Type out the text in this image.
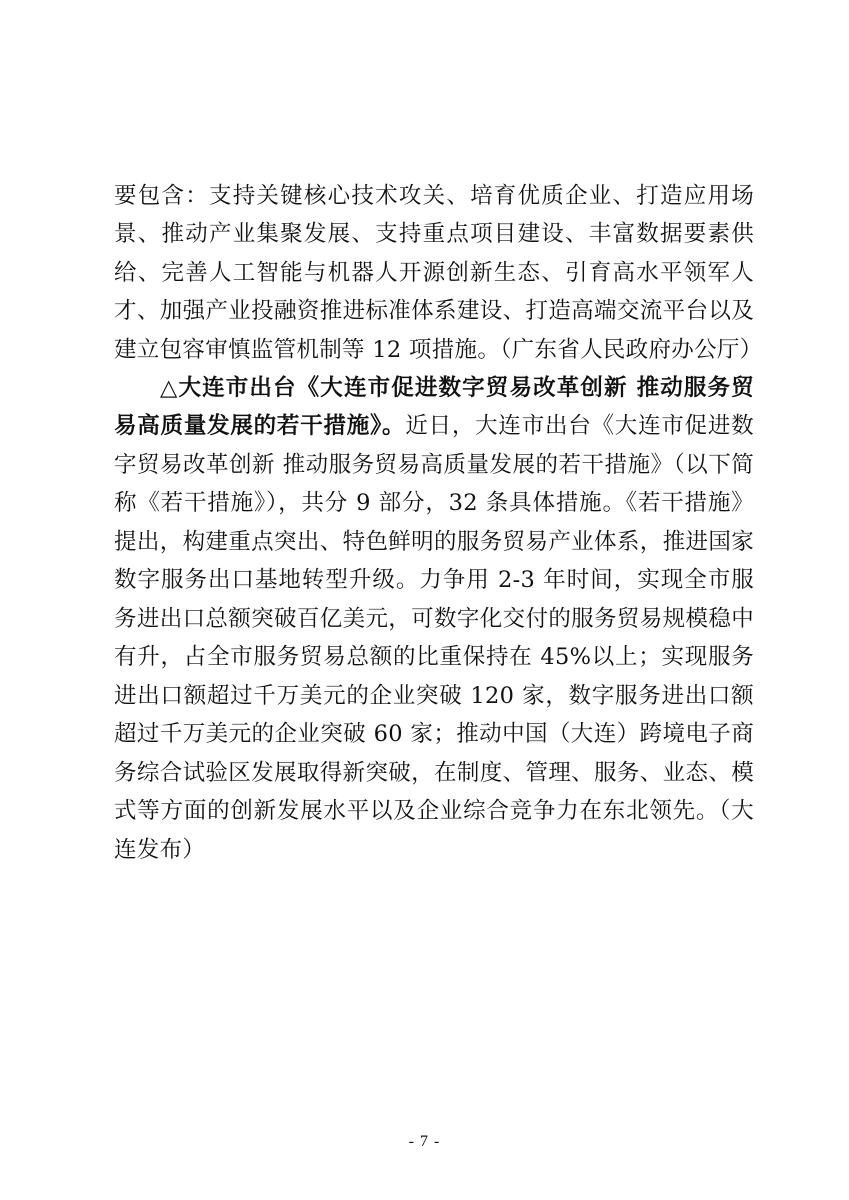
要包含：支持关键核心技术攻关、培育优质企业、打造应用场景、推动产业集聚发展、支持重点项目建设、丰富数据要素供给、完善人工智能与机器人开源创新生态、引育高水平领军人才、加强产业投融资推进标准体系建设、打造高端交流平台以及建立包容审慎监管机制等 12 项措施。（广东省人民政府办公厅）

△大连市出台《大连市促进数字贸易改革创新 推动服务贸易高质量发展的若干措施》。近日，大连市出台《大连市促进数字贸易改革创新 推动服务贸易高质量发展的若干措施》（以下简称《若干措施》），共分 9 部分，32 条具体措施。《若干措施》提出，构建重点突出、特色鲜明的服务贸易产业体系，推进国家数字服务出口基地转型升级。力争用 2-3 年时间，实现全市服务进出口总额突破百亿美元，可数字化交付的服务贸易规模稳中有升，占全市服务贸易总额的比重保持在 45%以上；实现服务进出口额超过千万美元的企业突破 120 家，数字服务进出口额超过千万美元的企业突破 60 家；推动中国（大连）跨境电子商务综合试验区发展取得新突破，在制度、管理、服务、业态、模式等方面的创新发展水平以及企业综合竞争力在东北领先。（大连发布）

- 7 -
